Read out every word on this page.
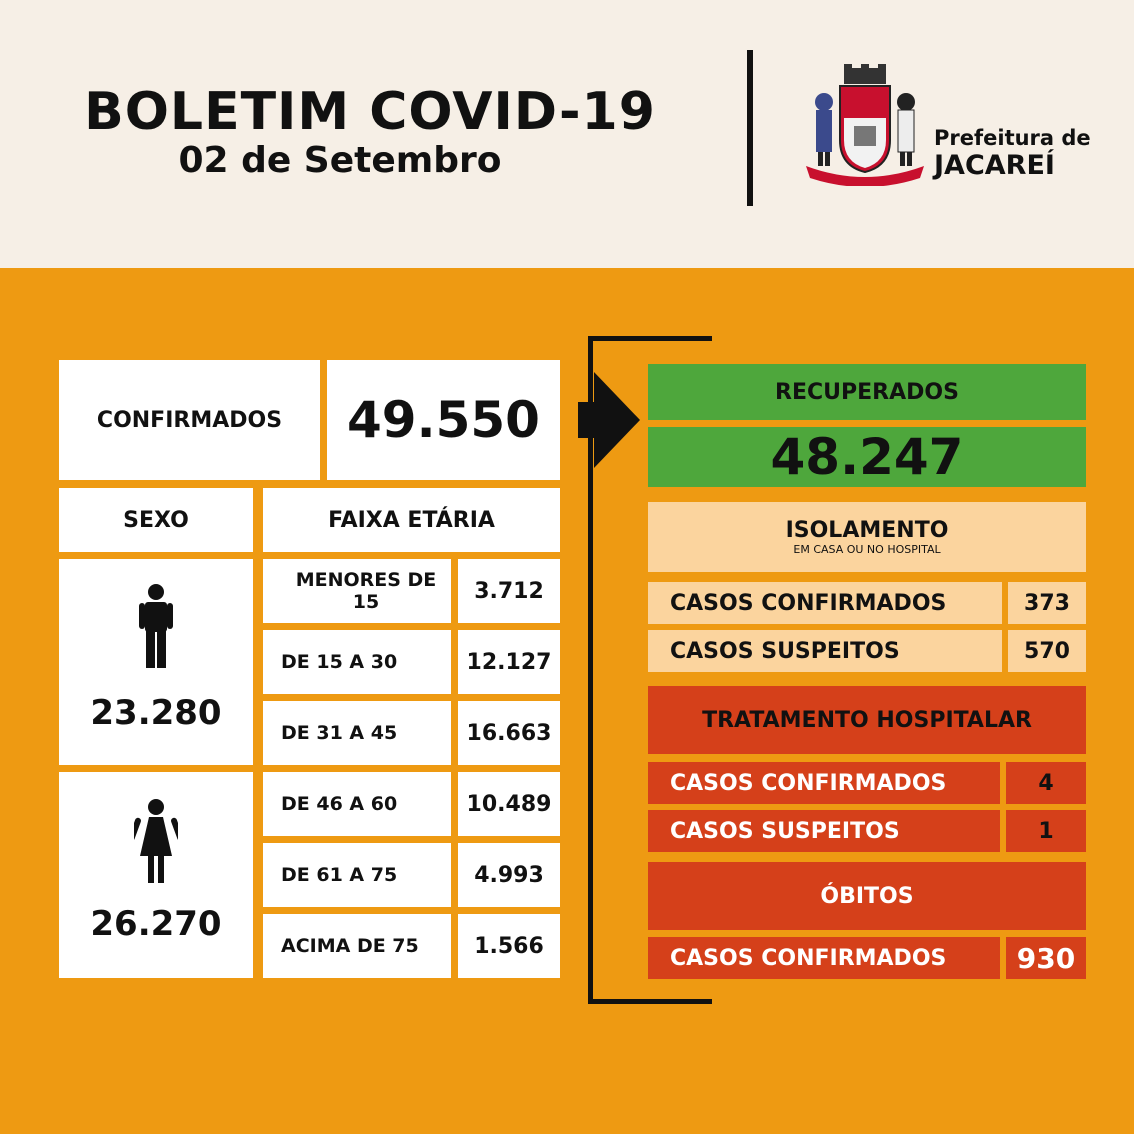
BOLETIM COVID-19
02 de Setembro
Prefeitura de
JACAREÍ
CONFIRMADOS	49.550
SEXO	FAIXA ETÁRIA
23.280
26.270
MENORES DE 15	3.712
DE 15 A 30	12.127
DE 31 A 45	16.663
DE 46 A 60	10.489
DE 61 A 75	4.993
ACIMA DE 75	1.566
RECUPERADOS
48.247
ISOLAMENTO
EM CASA OU NO HOSPITAL
CASOS CONFIRMADOS	373
CASOS SUSPEITOS	570
TRATAMENTO HOSPITALAR
CASOS CONFIRMADOS	4
CASOS SUSPEITOS	1
ÓBITOS
CASOS CONFIRMADOS	930
